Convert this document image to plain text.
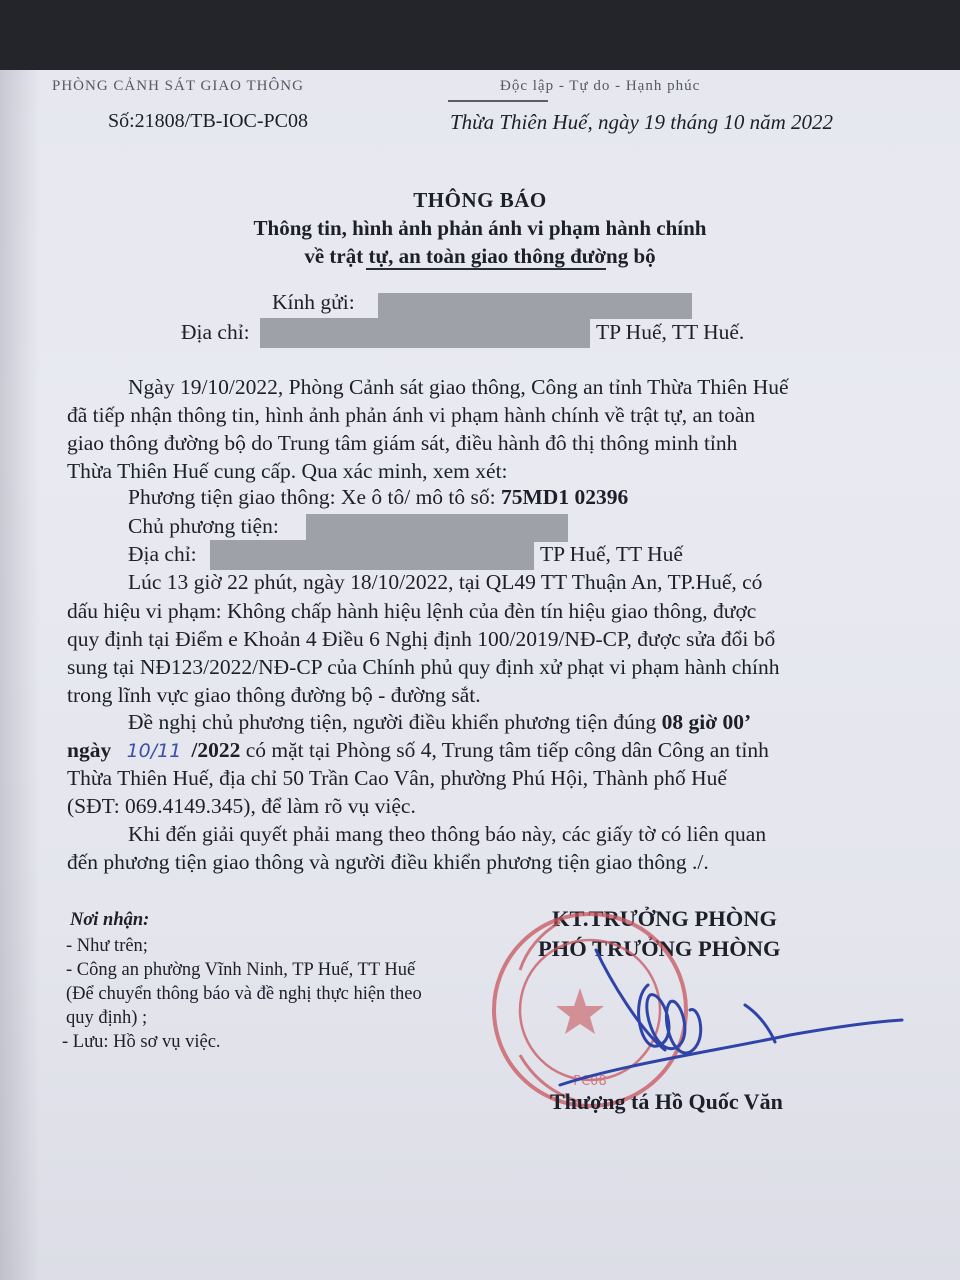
PHÒNG CẢNH SÁT GIAO THÔNG	Độc lập - Tự do - Hạnh phúc
Số:21808/TB-IOC-PC08	Thừa Thiên Huế, ngày 19 tháng 10 năm 2022
THÔNG BÁO
Thông tin, hình ảnh phản ánh vi phạm hành chính
về trật tự, an toàn giao thông đường bộ
Kính gửi:
Địa chỉ:	TP Huế, TT Huế.
Ngày 19/10/2022, Phòng Cảnh sát giao thông, Công an tỉnh Thừa Thiên Huế
đã tiếp nhận thông tin, hình ảnh phản ánh vi phạm hành chính về trật tự, an toàn
giao thông đường bộ do Trung tâm giám sát, điều hành đô thị thông minh tỉnh
Thừa Thiên Huế cung cấp. Qua xác minh, xem xét:
Phương tiện giao thông: Xe ô tô/ mô tô số: 75MD1 02396
Chủ phương tiện:
Địa chỉ:	TP Huế, TT Huế
Lúc 13 giờ 22 phút, ngày 18/10/2022, tại QL49 TT Thuận An, TP.Huế, có
dấu hiệu vi phạm: Không chấp hành hiệu lệnh của đèn tín hiệu giao thông, được
quy định tại Điểm e Khoản 4 Điều 6 Nghị định 100/2019/NĐ-CP, được sửa đổi bổ
sung tại NĐ123/2022/NĐ-CP của Chính phủ quy định xử phạt vi phạm hành chính
trong lĩnh vực giao thông đường bộ - đường sắt.
Đề nghị chủ phương tiện, người điều khiển phương tiện đúng 08 giờ 00’
ngày 10/11 /2022 có mặt tại Phòng số 4, Trung tâm tiếp công dân Công an tỉnh
Thừa Thiên Huế, địa chỉ 50 Trần Cao Vân, phường Phú Hội, Thành phố Huế
(SĐT: 069.4149.345), để làm rõ vụ việc.
Khi đến giải quyết phải mang theo thông báo này, các giấy tờ có liên quan
đến phương tiện giao thông và người điều khiển phương tiện giao thông ./.
Nơi nhận:
- Như trên;
- Công an phường Vĩnh Ninh, TP Huế, TT Huế
(Để chuyển thông báo và đề nghị thực hiện theo
quy định) ;
- Lưu: Hồ sơ vụ việc.
KT.TRƯỞNG PHÒNG
PHÓ TRƯỞNG PHÒNG
PC08
Thượng tá Hồ Quốc Văn
